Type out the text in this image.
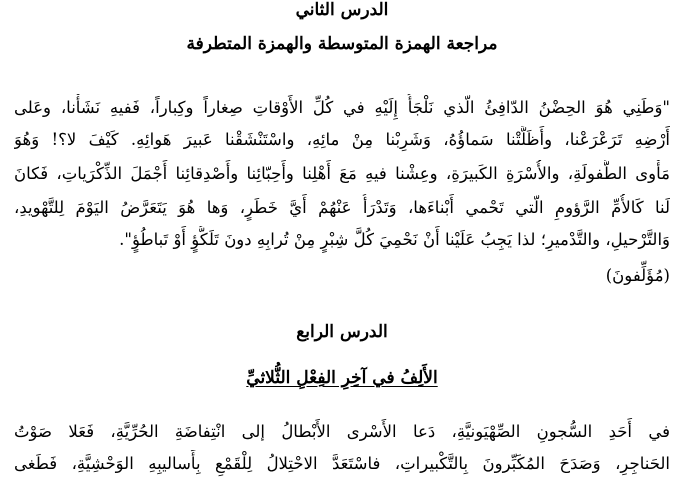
الدرس الثاني
مراجعة الهمزة المتوسطة والهمزة المتطرفة
"وَطَنِي هُوَ الحِضْنُ الدّافِئُ الّذي نَلْجَأُ إِلَيْهِ في كُلِّ الأَوْقاتِ صِغاراً وكِباراً، فَفيهِ نَشَأْنا، وعَلى
أَرْضِهِ تَرَعْرَعْنا، وأَظَلَّتْنا سَماؤُهُ، وَشَرِبْنا مِنْ مائِهِ، واسْتَنْشَقْنا عَبيرَ هَوائِهِ. كَيْفَ لا؟! وَهُوَ
مَأْوى الطُّفولَةِ، والأُسْرَةِ الكَبيرَةِ، وعِشْنا فيهِ مَعَ أَهْلِنا وأَحِبّائِنا وأَصْدِقائِنا أَجْمَلَ الذِّكْرَياتِ، فَكانَ
لَنا كَالأُمِّ الرَّؤومِ الّتي تَحْمي أَبْناءَها، وَتَدْرَأُ عَنْهُمْ أَيَّ خَطَرٍ، وَها هُوَ يَتَعَرَّضُ اليَوْمَ لِلتَّهْويدِ،
وَالتَّرْحيلِ، والتَّدْميرِ؛ لذا يَجِبُ عَلَيْنا أَنْ نَحْمِيَ كُلَّ شِبْرٍ مِنْ تُرابِهِ دونَ تَلَكُّؤٍ أَوْ تَباطُؤٍ".
(مُؤَلِّفونَ)
الدرس الرابع
الأَلِفُ في آخِرِ الفِعْلِ الثُّلاثيِّ
في أَحَدِ السُّجونِ الصِّهْيَونيَّةِ، دَعا الأَسْرى الأَبْطالُ إلى انْتِفاضَةِ الحُرِّيَّةِ، فَعَلا صَوْتُ
الحَناجِرِ، وَصَدَحَ المُكَبِّرونَ بِالتَّكْبيراتِ، فاسْتَعَدَّ الاحْتِلالُ لِلْقَمْعِ بِأَساليبِهِ الوَحْشِيَّةِ، فَطَغى
